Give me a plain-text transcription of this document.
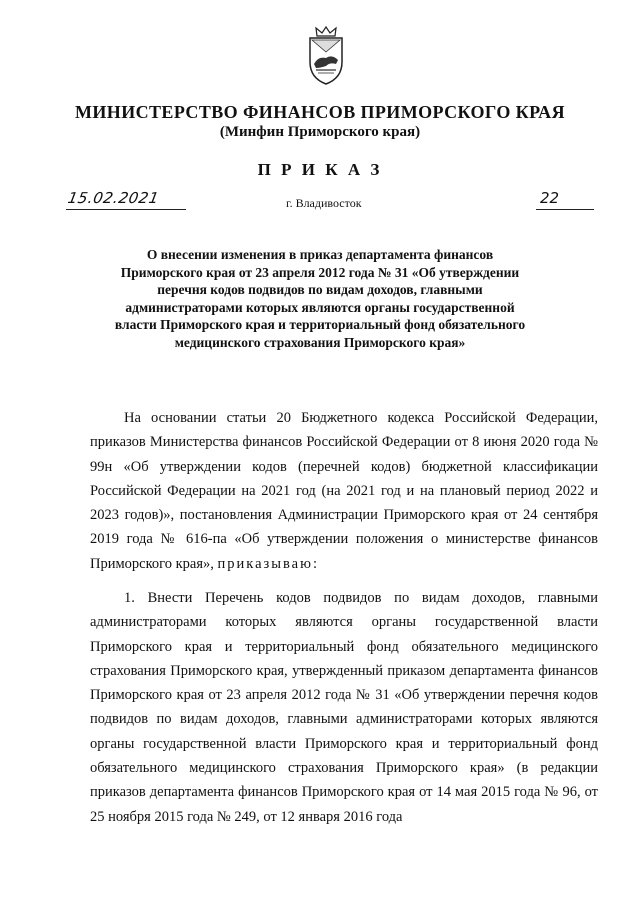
МИНИСТЕРСТВО ФИНАНСОВ ПРИМОРСКОГО КРАЯ
(Минфин Приморского края)
П Р И К А З
15.02.2021	г. Владивосток	22
О внесении изменения в приказ департамента финансов Приморского края от 23 апреля 2012 года № 31 «Об утверждении перечня кодов подвидов по видам доходов, главными администраторами которых являются органы государственной власти Приморского края и территориальный фонд обязательного медицинского страхования Приморского края»
На основании статьи 20 Бюджетного кодекса Российской Федерации, приказов Министерства финансов Российской Федерации от 8 июня 2020 года № 99н «Об утверждении кодов (перечней кодов) бюджетной классификации Российской Федерации на 2021 год (на 2021 год и на плановый период 2022 и 2023 годов)», постановления Администрации Приморского края от 24 сентября 2019 года № 616-па «Об утверждении положения о министерстве финансов Приморского края», приказываю:
1. Внести Перечень кодов подвидов по видам доходов, главными администраторами которых являются органы государственной власти Приморского края и территориальный фонд обязательного медицинского страхования Приморского края, утвержденный приказом департамента финансов Приморского края от 23 апреля 2012 года № 31 «Об утверждении перечня кодов подвидов по видам доходов, главными администраторами которых являются органы государственной власти Приморского края и территориальный фонд обязательного медицинского страхования Приморского края» (в редакции приказов департамента финансов Приморского края от 14 мая 2015 года № 96, от 25 ноября 2015 года № 249, от 12 января 2016 года
